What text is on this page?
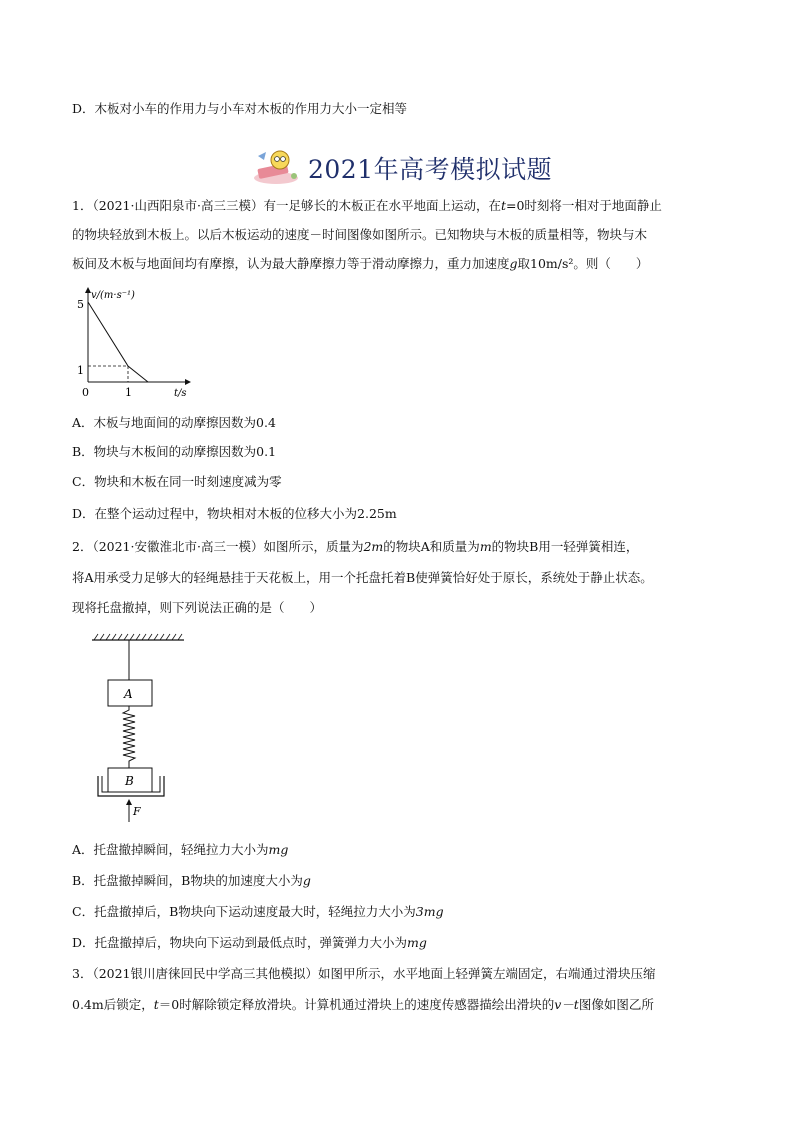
D．木板对小车的作用力与小车对木板的作用力大小一定相等
2021年高考模拟试题
1．（2021·山西阳泉市·高三三模）有一足够长的木板正在水平地面上运动，在t=0时刻将一相对于地面静止
的物块轻放到木板上。以后木板运动的速度－时间图像如图所示。已知物块与木板的质量相等，物块与木
板间及木板与地面间均有摩擦，认为最大静摩擦力等于滑动摩擦力，重力加速度g取10m/s²。则（　　）
v/(m·s⁻¹)
t/s
0
5
1
1
A．木板与地面间的动摩擦因数为0.4
B．物块与木板间的动摩擦因数为0.1
C．物块和木板在同一时刻速度减为零
D．在整个运动过程中，物块相对木板的位移大小为2.25m
2．（2021·安徽淮北市·高三一模）如图所示，质量为2m的物块A和质量为m的物块B用一轻弹簧相连，
将A用承受力足够大的轻绳悬挂于天花板上，用一个托盘托着B使弹簧恰好处于原长，系统处于静止状态。
现将托盘撤掉，则下列说法正确的是（　　）
A
B
F
A．托盘撤掉瞬间，轻绳拉力大小为mg
B．托盘撤掉瞬间，B物块的加速度大小为g
C．托盘撤掉后，B物块向下运动速度最大时，轻绳拉力大小为3mg
D．托盘撤掉后，物块向下运动到最低点时，弹簧弹力大小为mg
3．（2021银川唐徕回民中学高三其他模拟）如图甲所示，水平地面上轻弹簧左端固定，右端通过滑块压缩
0.4m后锁定，t＝0时解除锁定释放滑块。计算机通过滑块上的速度传感器描绘出滑块的v－t图像如图乙所
